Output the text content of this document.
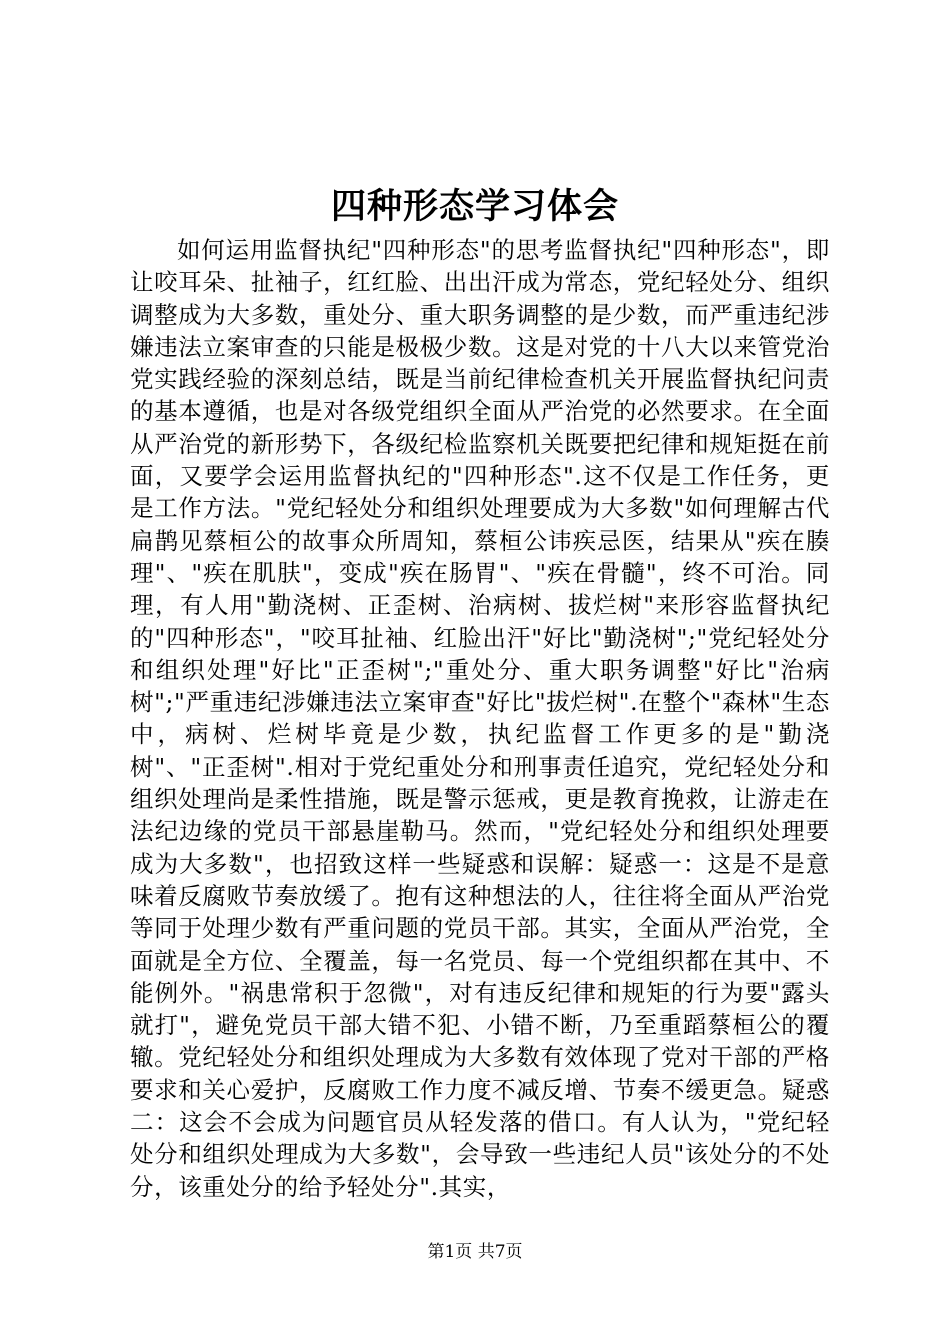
四种形态学习体会

如何运用监督执纪"四种形态"的思考监督执纪"四种形态"，即让咬耳朵、扯袖子，红红脸、出出汗成为常态，党纪轻处分、组织调整成为大多数，重处分、重大职务调整的是少数，而严重违纪涉嫌违法立案审查的只能是极极少数。这是对党的十八大以来管党治党实践经验的深刻总结，既是当前纪律检查机关开展监督执纪问责的基本遵循，也是对各级党组织全面从严治党的必然要求。在全面从严治党的新形势下，各级纪检监察机关既要把纪律和规矩挺在前面，又要学会运用监督执纪的"四种形态".这不仅是工作任务，更是工作方法。"党纪轻处分和组织处理要成为大多数"如何理解古代扁鹊见蔡桓公的故事众所周知，蔡桓公讳疾忌医，结果从"疾在腠理"、"疾在肌肤"，变成"疾在肠胃"、"疾在骨髓"，终不可治。同理，有人用"勤浇树、正歪树、治病树、拔烂树"来形容监督执纪的"四种形态"，"咬耳扯袖、红脸出汗"好比"勤浇树";"党纪轻处分和组织处理"好比"正歪树";"重处分、重大职务调整"好比"治病树";"严重违纪涉嫌违法立案审查"好比"拔烂树".在整个"森林"生态中，病树、烂树毕竟是少数，执纪监督工作更多的是"勤浇树"、"正歪树".相对于党纪重处分和刑事责任追究，党纪轻处分和组织处理尚是柔性措施，既是警示惩戒，更是教育挽救，让游走在法纪边缘的党员干部悬崖勒马。然而，"党纪轻处分和组织处理要成为大多数"，也招致这样一些疑惑和误解：疑惑一：这是不是意味着反腐败节奏放缓了。抱有这种想法的人，往往将全面从严治党等同于处理少数有严重问题的党员干部。其实，全面从严治党，全面就是全方位、全覆盖，每一名党员、每一个党组织都在其中、不能例外。"祸患常积于忽微"，对有违反纪律和规矩的行为要"露头就打"，避免党员干部大错不犯、小错不断，乃至重蹈蔡桓公的覆辙。党纪轻处分和组织处理成为大多数有效体现了党对干部的严格要求和关心爱护，反腐败工作力度不减反增、节奏不缓更急。疑惑二：这会不会成为问题官员从轻发落的借口。有人认为，"党纪轻处分和组织处理成为大多数"，会导致一些违纪人员"该处分的不处分，该重处分的给予轻处分".其实，

第1页 共7页
